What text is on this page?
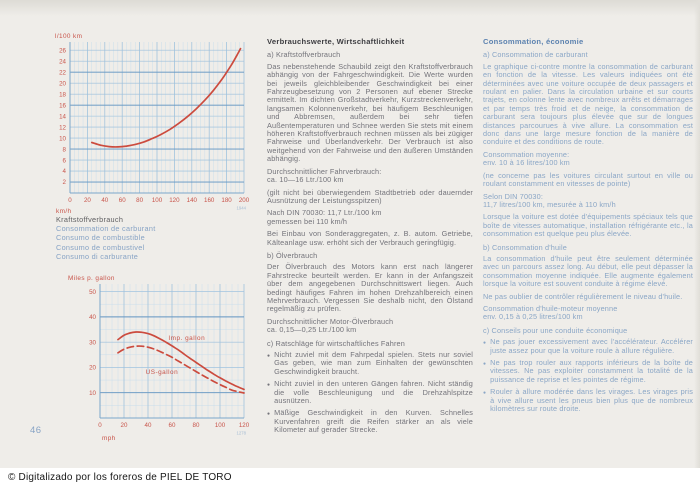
0 20 40 60 80 100 120 140 160 180 200
2
4
6
8
10
12
14
16
18
20
22
24
26
l/100 km
km/h	1944
Kraftstoffverbrauch
Consommation de carburant
Consumo de combustible
Consumo de combustivel
Consumo di carburante
0	20	40	60	80 100 120
10
20
30
40
50
Imp. gallon
US-gallon
Miles p. gallon
mph
1278
46
Verbrauchswerte, Wirtschaftlichkeit
a) Kraftstoffverbrauch
Das nebenstehende Schaubild zeigt den Kraftstoffverbrauch abhängig von der Fahrgeschwindigkeit. Die Werte wurden bei jeweils gleichbleibender Geschwindigkeit bei einer Fahrzeugbesetzung von 2 Personen auf ebener Strecke ermittelt. Im dichten Großstadtverkehr, Kurzstreckenverkehr, langsamen Kolonnenverkehr, bei häufigem Beschleunigen und Abbremsen, außerdem bei sehr tiefen Außentemperaturen und Schnee werden Sie stets mit einem höheren Kraftstoffverbrauch rechnen müssen als bei zügiger Fahrweise und Überlandverkehr. Der Verbrauch ist also weitgehend von der Fahrweise und den äußeren Umständen abhängig.
Durchschnittlicher Fahrverbrauch:
ca. 10—16 Ltr./100 km
(gilt nicht bei überwiegendem Stadtbetrieb oder dauernder Ausnützung der Leistungsspitzen)
Nach DIN 70030: 11,7 Ltr./100 km
gemessen bei 110 km/h
Bei Einbau von Sonderaggregaten, z. B. autom. Getriebe, Kälteanlage usw. erhöht sich der Verbrauch geringfügig.
b) Ölverbrauch
Der Ölverbrauch des Motors kann erst nach längerer Fahrstrecke beurteilt werden. Er kann in der Anfangszeit über dem angegebenen Durchschnittswert liegen. Auch bedingt häufiges Fahren im hohen Drehzahlbereich einen Mehrverbrauch. Vergessen Sie deshalb nicht, den Ölstand regelmäßig zu prüfen.
Durchschnittlicher Motor-Ölverbrauch
ca. 0,15—0,25 Ltr./100 km
c) Ratschläge für wirtschaftliches Fahren
● Nicht zuviel mit dem Fahrpedal spielen. Stets nur soviel Gas geben, wie man zum Einhalten der gewünschten Geschwindigkeit braucht.
● Nicht zuviel in den unteren Gängen fahren. Nicht ständig die volle Beschleunigung und die Drehzahlspitze ausnützen.
● Mäßige Geschwindigkeit in den Kurven. Schnelles Kurvenfahren greift die Reifen stärker an als viele Kilometer auf gerader Strecke.
Consommation, économie
a) Consommation de carburant
Le graphique ci-contre montre la consommation de carburant en fonction de la vitesse. Les valeurs indiquées ont été déterminées avec une voiture occupée de deux passagers et roulant en palier. Dans la circulation urbaine et sur courts trajets, en colonne lente avec nombreux arrêts et démarrages et par temps très froid et de neige, la consommation de carburant sera toujours plus élevée que sur de longues distances parcourues à vive allure. La consommation est donc dans une large mesure fonction de la manière de conduire et des conditions de route.
Consommation moyenne:
env. 10 à 16 litres/100 km
(ne concerne pas les voitures circulant surtout en ville ou roulant constamment en vitesses de pointe)
Selon DIN 70030:
11,7 litres/100 km, mesurée à 110 km/h
Lorsque la voiture est dotée d'équipements spéciaux tels que boîte de vitesses automatique, installation réfrigérante etc., la consommation est quelque peu plus élevée.
b) Consommation d'huile
La consommation d'huile peut être seulement déterminée avec un parcours assez long. Au début, elle peut dépasser la consommation moyenne indiquée. Elle augmente également lorsque la voiture est souvent conduite à régime élevé.
Ne pas oublier de contrôler régulièrement le niveau d'huile.
Consommation d'huile-moteur moyenne
env. 0,15 à 0,25 litres/100 km
c) Conseils pour une conduite économique
● Ne pas jouer excessivement avec l'accélérateur. Accélérer juste assez pour que la voiture roule à allure régulière.
● Ne pas trop rouler aux rapports inférieurs de la boîte de vitesses. Ne pas exploiter constamment la totalité de la puissance de reprise et les pointes de régime.
● Rouler à allure modérée dans les virages. Les virages pris à vive allure usent les pneus bien plus que de nombreux kilomètres sur route droite.
© Digitalizado por los foreros de PIEL DE TORO
